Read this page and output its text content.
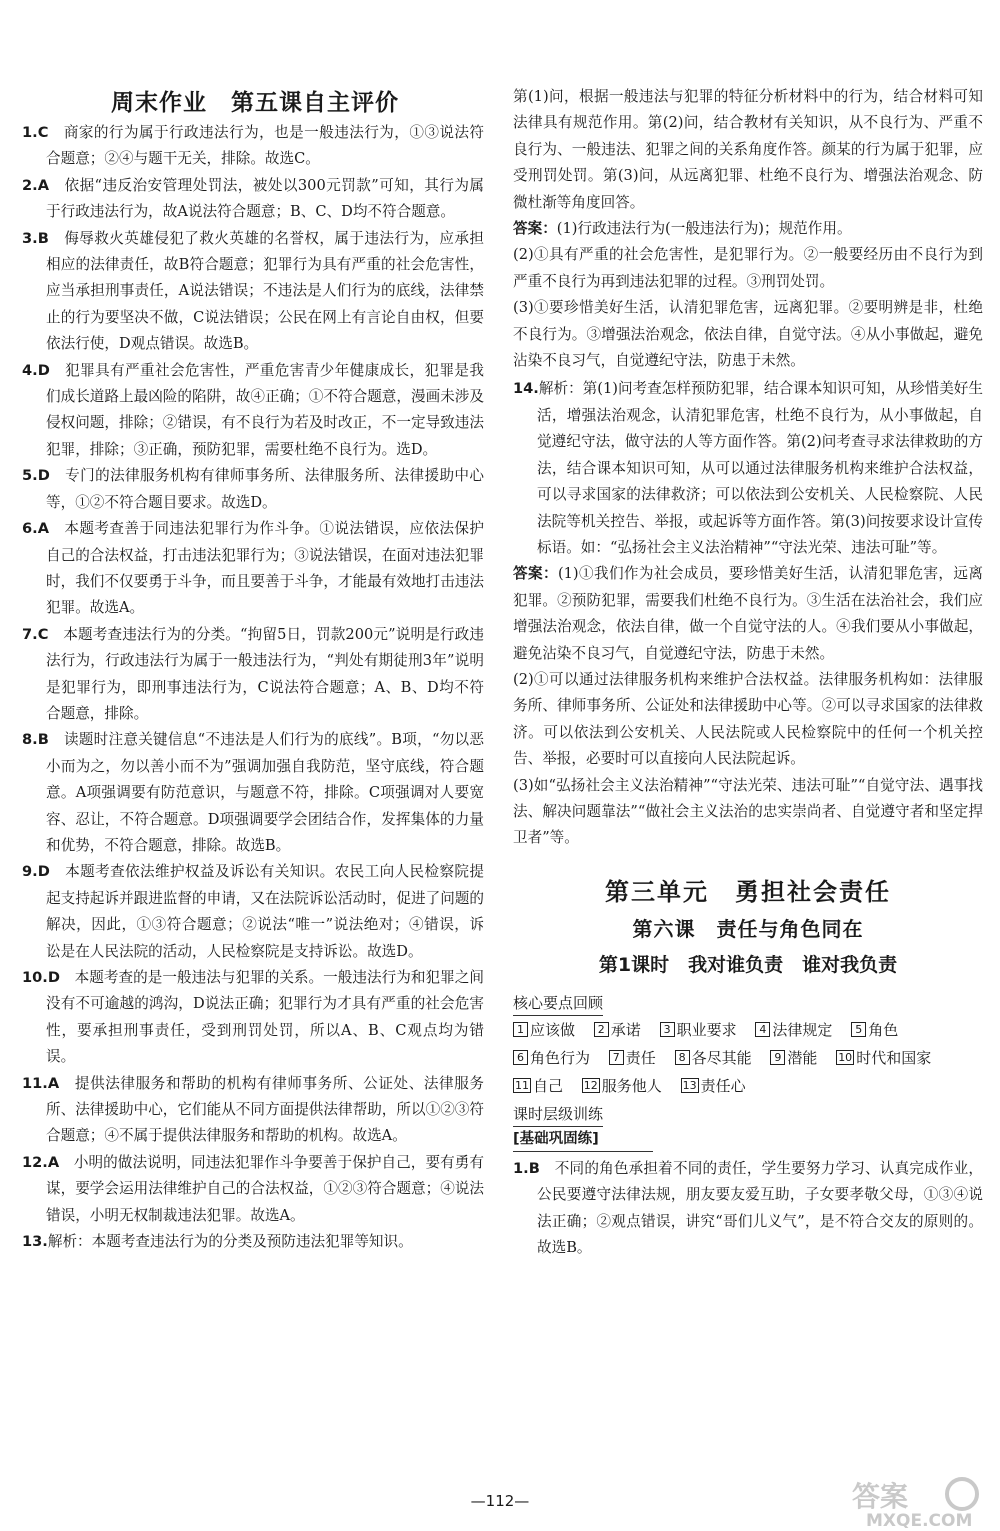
周末作业　第五课自主评价
1.C　商家的行为属于行政违法行为，也是一般违法行为，①③说法符合题意；②④与题干无关，排除。故选C。
2.A　依据“违反治安管理处罚法，被处以300元罚款”可知，其行为属于行政违法行为，故A说法符合题意；B、C、D均不符合题意。
3.B　侮辱救火英雄侵犯了救火英雄的名誉权，属于违法行为，应承担相应的法律责任，故B符合题意；犯罪行为具有严重的社会危害性，应当承担刑事责任，A说法错误；不违法是人们行为的底线，法律禁止的行为要坚决不做，C说法错误；公民在网上有言论自由权，但要依法行使，D观点错误。故选B。
4.D　犯罪具有严重社会危害性，严重危害青少年健康成长，犯罪是我们成长道路上最凶险的陷阱，故④正确；①不符合题意，漫画未涉及侵权问题，排除；②错误，有不良行为若及时改正，不一定导致违法犯罪，排除；③正确，预防犯罪，需要杜绝不良行为。选D。
5.D　专门的法律服务机构有律师事务所、法律服务所、法律援助中心等，①②不符合题目要求。故选D。
6.A　本题考查善于同违法犯罪行为作斗争。①说法错误，应依法保护自己的合法权益，打击违法犯罪行为；③说法错误，在面对违法犯罪时，我们不仅要勇于斗争，而且要善于斗争，才能最有效地打击违法犯罪。故选A。
7.C　本题考查违法行为的分类。“拘留5日，罚款200元”说明是行政违法行为，行政违法行为属于一般违法行为，“判处有期徒刑3年”说明是犯罪行为，即刑事违法行为，C说法符合题意；A、B、D均不符合题意，排除。
8.B　读题时注意关键信息“不违法是人们行为的底线”。B项，“勿以恶小而为之，勿以善小而不为”强调加强自我防范，坚守底线，符合题意。A项强调要有防范意识，与题意不符，排除。C项强调对人要宽容、忍让，不符合题意。D项强调要学会团结合作，发挥集体的力量和优势，不符合题意，排除。故选B。
9.D　本题考查依法维护权益及诉讼有关知识。农民工向人民检察院提起支持起诉并跟进监督的申请，又在法院诉讼活动时，促进了问题的解决，因此，①③符合题意；②说法“唯一”说法绝对；④错误，诉讼是在人民法院的活动，人民检察院是支持诉讼。故选D。
10.D　本题考查的是一般违法与犯罪的关系。一般违法行为和犯罪之间没有不可逾越的鸿沟，D说法正确；犯罪行为才具有严重的社会危害性，要承担刑事责任，受到刑罚处罚，所以A、B、C观点均为错误。
11.A　提供法律服务和帮助的机构有律师事务所、公证处、法律服务所、法律援助中心，它们能从不同方面提供法律帮助，所以①②③符合题意；④不属于提供法律服务和帮助的机构。故选A。
12.A　小明的做法说明，同违法犯罪作斗争要善于保护自己，要有勇有谋，要学会运用法律维护自己的合法权益，①②③符合题意；④说法错误，小明无权制裁违法犯罪。故选A。
13.解析：本题考查违法行为的分类及预防违法犯罪等知识。
第(1)问，根据一般违法与犯罪的特征分析材料中的行为，结合材料可知法律具有规范作用。第(2)问，结合教材有关知识，从不良行为、严重不良行为、一般违法、犯罪之间的关系角度作答。颜某的行为属于犯罪，应受刑罚处罚。第(3)问，从远离犯罪、杜绝不良行为、增强法治观念、防微杜渐等角度回答。
答案：(1)行政违法行为(一般违法行为)；规范作用。
(2)①具有严重的社会危害性，是犯罪行为。②一般要经历由不良行为到严重不良行为再到违法犯罪的过程。③刑罚处罚。
(3)①要珍惜美好生活，认清犯罪危害，远离犯罪。②要明辨是非，杜绝不良行为。③增强法治观念，依法自律，自觉守法。④从小事做起，避免沾染不良习气，自觉遵纪守法，防患于未然。
14.解析：第(1)问考查怎样预防犯罪，结合课本知识可知，从珍惜美好生活，增强法治观念，认清犯罪危害，杜绝不良行为，从小事做起，自觉遵纪守法，做守法的人等方面作答。第(2)问考查寻求法律救助的方法，结合课本知识可知，从可以通过法律服务机构来维护合法权益，可以寻求国家的法律救济；可以依法到公安机关、人民检察院、人民法院等机关控告、举报，或起诉等方面作答。第(3)问按要求设计宣传标语。如：“弘扬社会主义法治精神”“守法光荣、违法可耻”等。
答案：(1)①我们作为社会成员，要珍惜美好生活，认清犯罪危害，远离犯罪。②预防犯罪，需要我们杜绝不良行为。③生活在法治社会，我们应增强法治观念，依法自律，做一个自觉守法的人。④我们要从小事做起，避免沾染不良习气，自觉遵纪守法，防患于未然。
(2)①可以通过法律服务机构来维护合法权益。法律服务机构如：法律服务所、律师事务所、公证处和法律援助中心等。②可以寻求国家的法律救济。可以依法到公安机关、人民法院或人民检察院中的任何一个机关控告、举报，必要时可以直接向人民法院起诉。
(3)如“弘扬社会主义法治精神”“守法光荣、违法可耻”“自觉守法、遇事找法、解决问题靠法”“做社会主义法治的忠实崇尚者、自觉遵守者和坚定捍卫者”等。
第三单元　勇担社会责任
第六课　责任与角色同在
第1课时　我对谁负责　谁对我负责
核心要点回顾
1 应该做 2 承诺 3 职业要求 4 法律规定 5 角色 6 角色行为 7 责任 8 各尽其能 9 潜能 10 时代和国家 11 自己 12 服务他人 13 责任心
课时层级训练
[基础巩固练]
1.B　不同的角色承担着不同的责任，学生要努力学习、认真完成作业，公民要遵守法律法规，朋友要友爱互助，子女要孝敬父母，①③④说法正确；②观点错误，讲究“哥们儿义气”，是不符合交友的原则的。故选B。
—112—	答案
MXQE.COM
